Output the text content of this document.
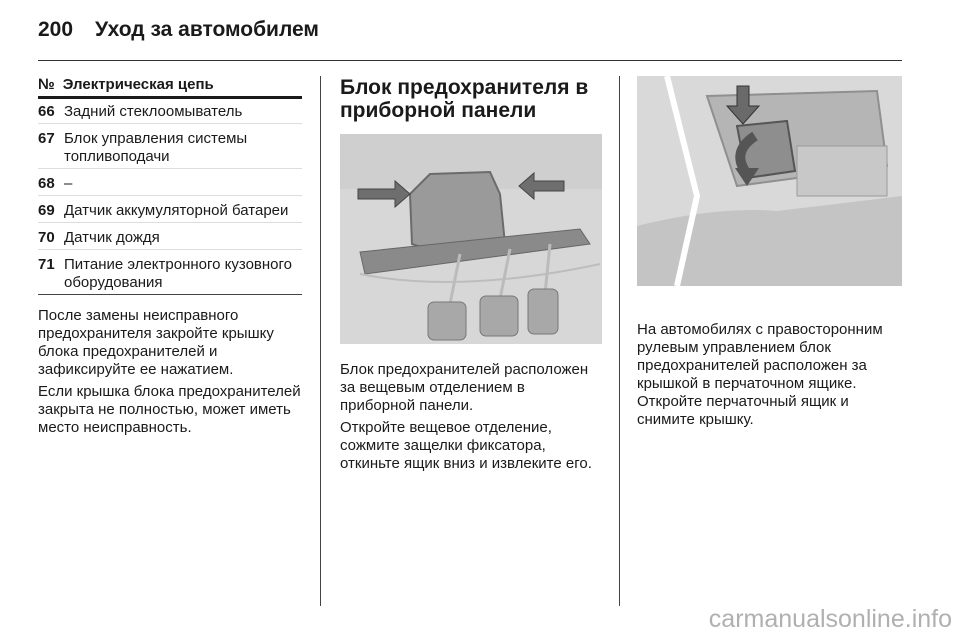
200 Уход за автомобилем
№ Электрическая цепь
66 Задний стеклоомыватель
67 Блок управления системы топливоподачи
68 –
69 Датчик аккумуляторной батареи
70 Датчик дождя
71 Питание электронного кузовного оборудования

После замены неисправного предохранителя закройте крышку блока предохранителей и зафиксируйте ее нажатием.

Если крышка блока предохранителей закрыта не полностью, может иметь место неисправность.

Блок предохранителя в приборной панели

Блок предохранителей расположен за вещевым отделением в приборной панели.

Откройте вещевое отделение, сожмите защелки фиксатора, откиньте ящик вниз и извлеките его.

На автомобилях с правосторонним рулевым управлением блок предохранителей расположен за крышкой в перчаточном ящике. Откройте перчаточный ящик и снимите крышку.

carmanualsonline.info
